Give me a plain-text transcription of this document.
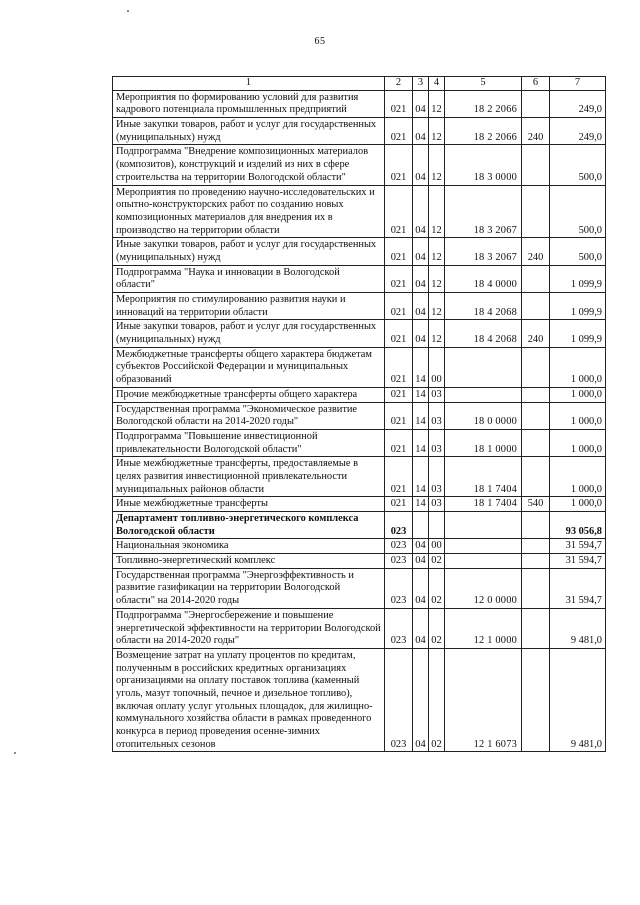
65
1	2	3	4	5	6	7
Мероприятия по формированию условий для развития кадрового потенциала промышленных предприятий	021	04	12	18 2 2066		249,0
Иные закупки товаров, работ и услуг для государственных (муниципальных) нужд	021	04	12	18 2 2066	240	249,0
Подпрограмма "Внедрение композиционных материалов (композитов), конструкций и изделий из них в сфере строительства на территории Вологодской области"	021	04	12	18 3 0000		500,0
Мероприятия по проведению научно-исследовательских и опытно-конструкторских работ по созданию новых композиционных материалов для внедрения их в производство на территории области	021	04	12	18 3 2067		500,0
Иные закупки товаров, работ и услуг для государственных (муниципальных) нужд	021	04	12	18 3 2067	240	500,0
Подпрограмма "Наука и инновации в Вологодской области"	021	04	12	18 4 0000		1 099,9
Мероприятия по стимулированию развития науки и инноваций на территории области	021	04	12	18 4 2068		1 099,9
Иные закупки товаров, работ и услуг для государственных (муниципальных) нужд	021	04	12	18 4 2068	240	1 099,9
Межбюджетные трансферты общего характера бюджетам субъектов Российской Федерации и муниципальных образований	021	14	00			1 000,0
Прочие межбюджетные трансферты общего характера	021	14	03			1 000,0
Государственная программа "Экономическое развитие Вологодской области на 2014-2020 годы"	021	14	03	18 0 0000		1 000,0
Подпрограмма "Повышение инвестиционной привлекательности Вологодской области"	021	14	03	18 1 0000		1 000,0
Иные межбюджетные трансферты, предоставляемые в целях развития инвестиционной привлекательности муниципальных районов области	021	14	03	18 1 7404		1 000,0
Иные межбюджетные трансферты	021	14	03	18 1 7404	540	1 000,0
Департамент топливно-энергетического комплекса Вологодской области	023					93 056,8
Национальная экономика	023	04	00			31 594,7
Топливно-энергетический комплекс	023	04	02			31 594,7
Государственная программа "Энергоэффективность и развитие газификации на территории Вологодской области" на 2014-2020 годы	023	04	02	12 0 0000		31 594,7
Подпрограмма "Энергосбережение и повышение энергетической эффективности на территории Вологодской области на 2014-2020 годы"	023	04	02	12 1 0000		9 481,0
Возмещение затрат на уплату процентов по кредитам, полученным в российских кредитных организациях организациями на оплату поставок топлива (каменный уголь, мазут топочный, печное и дизельное топливо), включая оплату услуг угольных площадок, для жилищно-коммунального хозяйства области в рамках проведенного конкурса в период проведения осенне-зимних отопительных сезонов	023	04	02	12 1 6073		9 481,0
